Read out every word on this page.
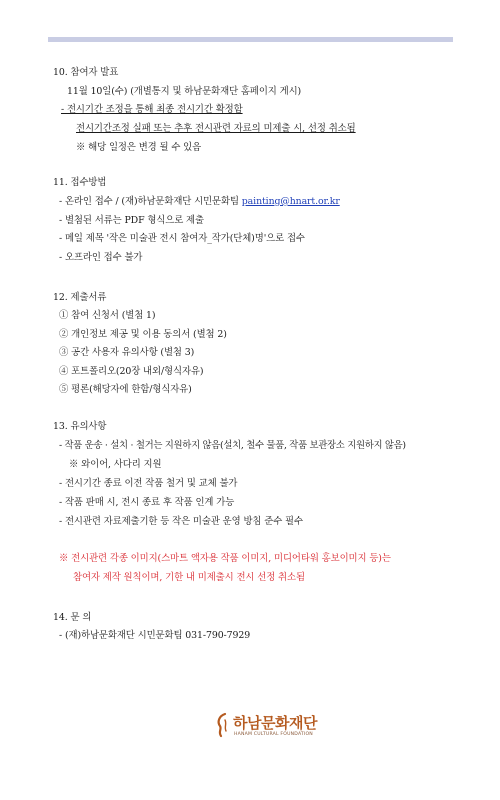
10. 참여자 발표
11월 10일(수) (개별통지 및 하남문화재단 홈페이지 게시)
- 전시기간 조정을 통해 최종 전시기간 확정함
전시기간조정 실패 또는 추후 전시관련 자료의 미제출 시, 선정 취소됨
※ 해당 일정은 변경 될 수 있음
11. 접수방법
- 온라인 접수 / (재)하남문화재단 시민문화팀 painting@hnart.or.kr
- 별첨된 서류는 PDF 형식으로 제출
- 메일 제목 '작은 미술관 전시 참여자_작가(단체)명'으로 접수
- 오프라인 접수 불가
12. 제출서류
① 참여 신청서 (별첨 1)
② 개인정보 제공 및 이용 동의서 (별첨 2)
③ 공간 사용자 유의사항 (별첨 3)
④ 포트폴리오(20장 내외/형식자유)
⑤ 평론(해당자에 한함/형식자유)
13. 유의사항
- 작품 운송 · 설치 · 철거는 지원하지 않음(설치, 철수 물품, 작품 보관장소 지원하지 않음)
※ 와이어, 사다리 지원
- 전시기간 종료 이전 작품 철거 및 교체 불가
- 작품 판매 시, 전시 종료 후 작품 인계 가능
- 전시관련 자료제출기한 등 작은 미술관 운영 방침 준수 필수
※ 전시관련 각종 이미지(스마트 액자용 작품 이미지, 미디어타워 홍보이미지 등)는
참여자 제작 원칙이며, 기한 내 미제출시 전시 선정 취소됨
14. 문 의
- (재)하남문화재단 시민문화팀 031-790-7929
하남문화재단
HANAM CULTURAL FOUNDATION
